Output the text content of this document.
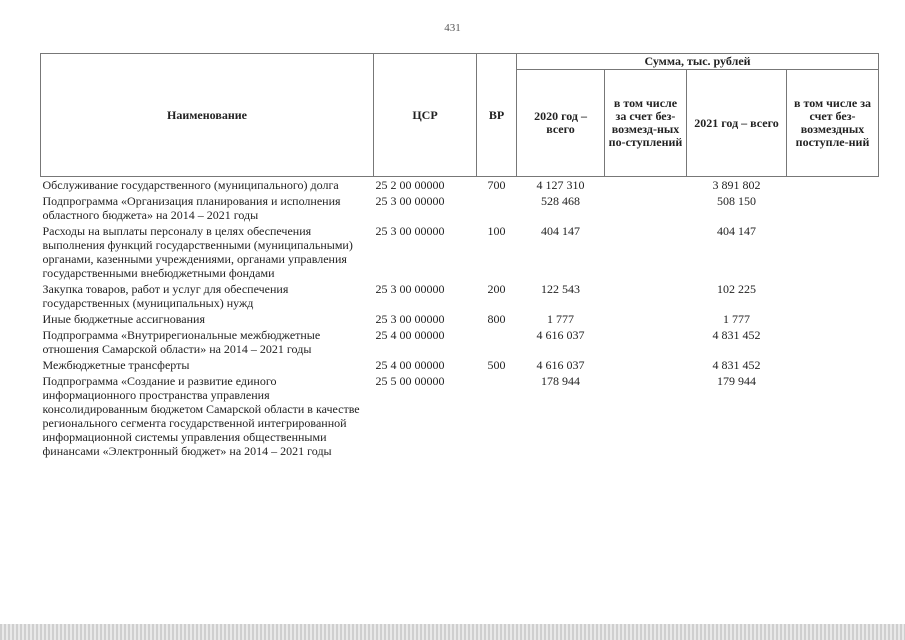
431
Наименование	ЦСР	ВР	Сумма, тыс. рублей			
			2020 год – всего	в том числе за счет без-возмезд-ных по-ступлений	2021 год – всего	в том числе за счет без-возмездных поступле-ний
Обслуживание государственного (муниципального) долга	25 2 00 00000	700	4 127 310		3 891 802	
Подпрограмма «Организация планирования и исполнения областного бюджета» на 2014 – 2021 годы	25 3 00 00000		528 468		508 150	
Расходы на выплаты персоналу в целях обеспечения выполнения функций государственными (муниципальными) органами, казенными учреждениями, органами управления государственными внебюджетными фондами	25 3 00 00000	100	404 147		404 147	
Закупка товаров, работ и услуг для обеспечения государственных (муниципальных) нужд	25 3 00 00000	200	122 543		102 225	
Иные бюджетные ассигнования	25 3 00 00000	800	1 777		1 777	
Подпрограмма «Внутрирегиональные межбюджетные отношения Самарской области» на 2014 – 2021 годы	25 4 00 00000		4 616 037		4 831 452	
Межбюджетные трансферты	25 4 00 00000	500	4 616 037		4 831 452	
Подпрограмма «Создание и развитие единого информационного пространства управления консолидированным бюджетом Самарской области в качестве регионального сегмента государственной интегрированной информационной системы управления общественными финансами «Электронный бюджет» на 2014 – 2021 годы	25 5 00 00000		178 944		179 944	
